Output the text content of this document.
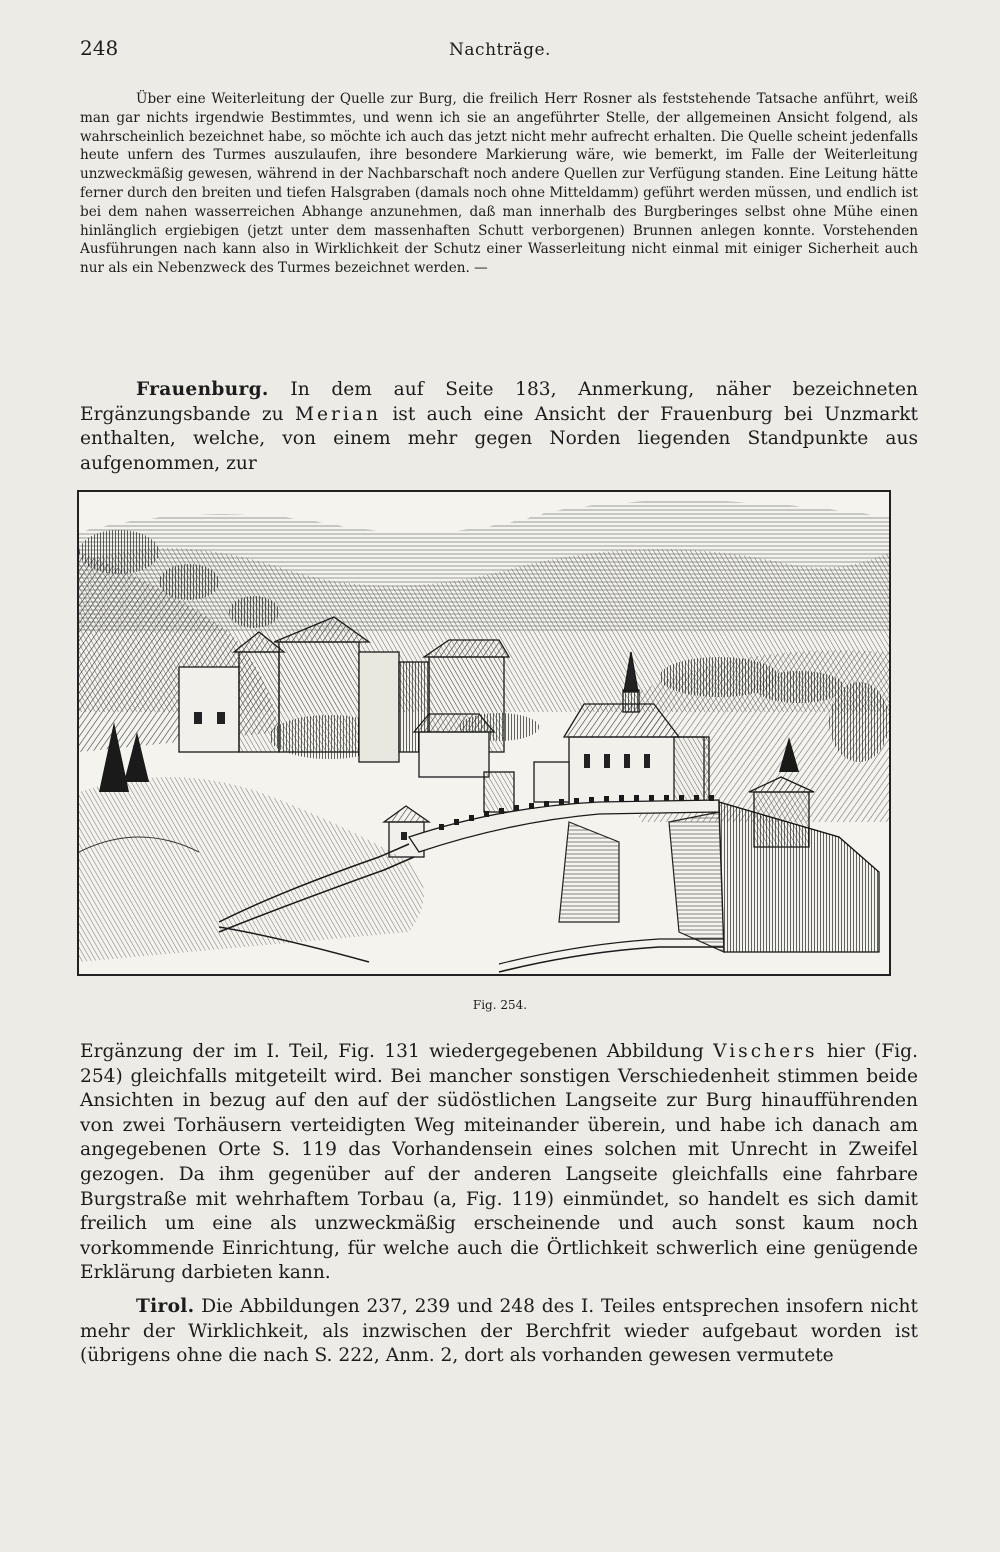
248	Nachträge.

Über eine Weiterleitung der Quelle zur Burg, die freilich Herr Rosner als feststehende Tatsache anführt, weiß man gar nichts irgendwie Bestimmtes, und wenn ich sie an angeführter Stelle, der allgemeinen Ansicht folgend, als wahrscheinlich bezeichnet habe, so möchte ich auch das jetzt nicht mehr aufrecht erhalten. Die Quelle scheint jedenfalls heute unfern des Turmes auszulaufen, ihre besondere Markierung wäre, wie bemerkt, im Falle der Weiterleitung unzweckmäßig gewesen, während in der Nachbarschaft noch andere Quellen zur Verfügung standen. Eine Leitung hätte ferner durch den breiten und tiefen Halsgraben (damals noch ohne Mitteldamm) geführt werden müssen, und endlich ist bei dem nahen wasserreichen Abhange anzunehmen, daß man innerhalb des Burgberinges selbst ohne Mühe einen hinlänglich ergiebigen (jetzt unter dem massenhaften Schutt verborgenen) Brunnen anlegen konnte. Vorstehenden Ausführungen nach kann also in Wirklichkeit der Schutz einer Wasserleitung nicht einmal mit einiger Sicherheit auch nur als ein Nebenzweck des Turmes bezeichnet werden. —

Frauenburg. In dem auf Seite 183, Anmerkung, näher bezeichneten Ergänzungsbande zu Merian ist auch eine Ansicht der Frauenburg bei Unzmarkt enthalten, welche, von einem mehr gegen Norden liegenden Standpunkte aus aufgenommen, zur

Fig. 254.

Ergänzung der im I. Teil, Fig. 131 wiedergegebenen Abbildung Vischers hier (Fig. 254) gleichfalls mitgeteilt wird. Bei mancher sonstigen Verschiedenheit stimmen beide Ansichten in bezug auf den auf der südöstlichen Langseite zur Burg hinaufführenden von zwei Torhäusern verteidigten Weg miteinander überein, und habe ich danach am angegebenen Orte S. 119 das Vorhandensein eines solchen mit Unrecht in Zweifel gezogen. Da ihm gegenüber auf der anderen Langseite gleichfalls eine fahrbare Burgstraße mit wehrhaftem Torbau (a, Fig. 119) einmündet, so handelt es sich damit freilich um eine als unzweckmäßig erscheinende und auch sonst kaum noch vorkommende Einrichtung, für welche auch die Örtlichkeit schwerlich eine genügende Erklärung darbieten kann.

Tirol. Die Abbildungen 237, 239 und 248 des I. Teiles entsprechen insofern nicht mehr der Wirklichkeit, als inzwischen der Berchfrit wieder aufgebaut worden ist (übrigens ohne die nach S. 222, Anm. 2, dort als vorhanden gewesen vermutete
